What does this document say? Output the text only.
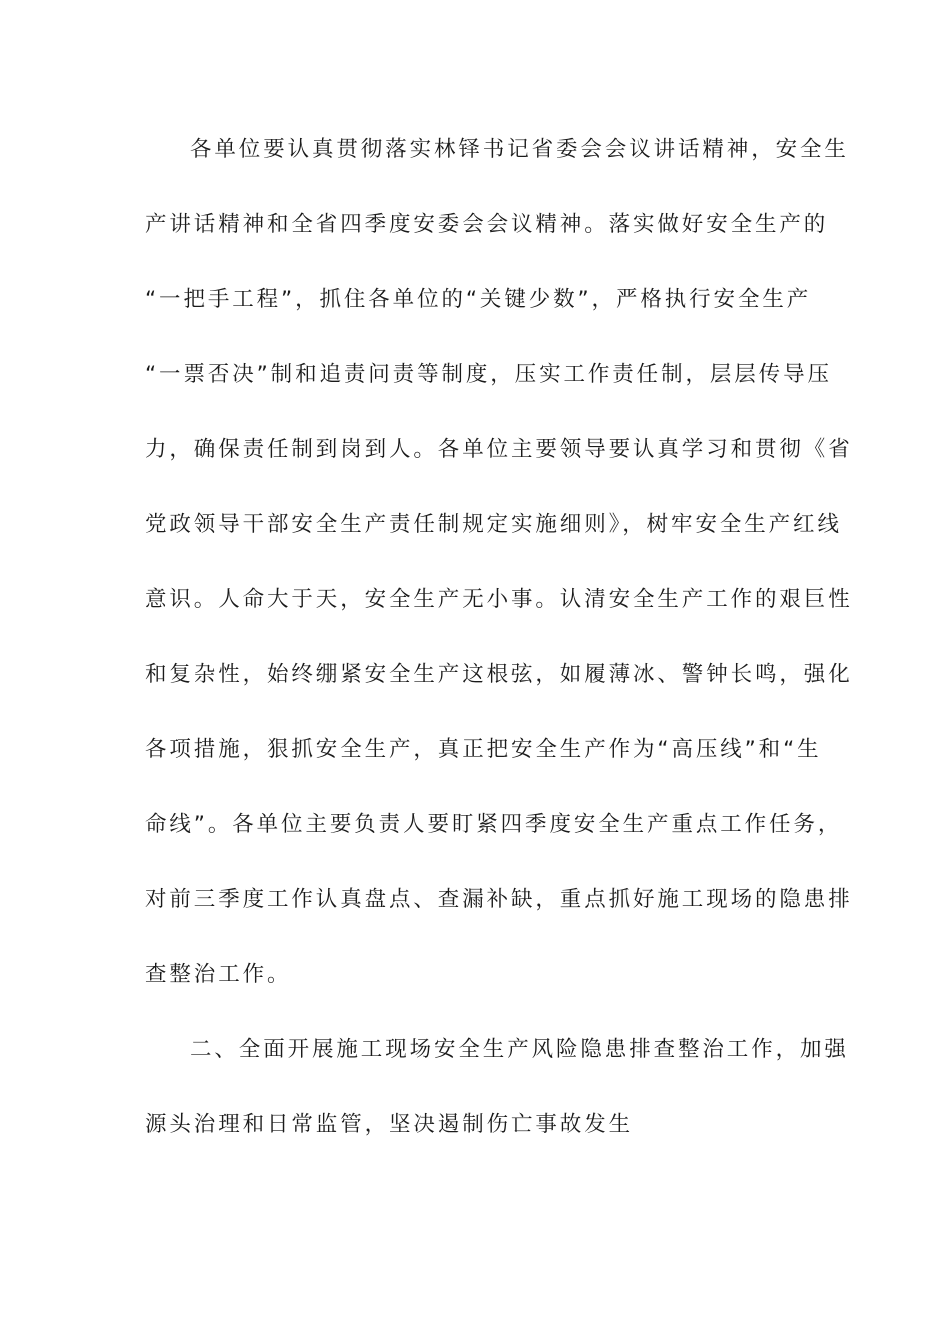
各单位要认真贯彻落实林铎书记省委会会议讲话精神，安全生
产讲话精神和全省四季度安委会会议精神。落实做好安全生产的
“一把手工程”，抓住各单位的“关键少数”，严格执行安全生产
“一票否决”制和追责问责等制度，压实工作责任制，层层传导压
力，确保责任制到岗到人。各单位主要领导要认真学习和贯彻《省
党政领导干部安全生产责任制规定实施细则》，树牢安全生产红线
意识。人命大于天，安全生产无小事。认清安全生产工作的艰巨性
和复杂性，始终绷紧安全生产这根弦，如履薄冰、警钟长鸣，强化
各项措施，狠抓安全生产，真正把安全生产作为“高压线”和“生
命线”。各单位主要负责人要盯紧四季度安全生产重点工作任务，
对前三季度工作认真盘点、查漏补缺，重点抓好施工现场的隐患排
查整治工作。
二、全面开展施工现场安全生产风险隐患排查整治工作，加强
源头治理和日常监管，坚决遏制伤亡事故发生
